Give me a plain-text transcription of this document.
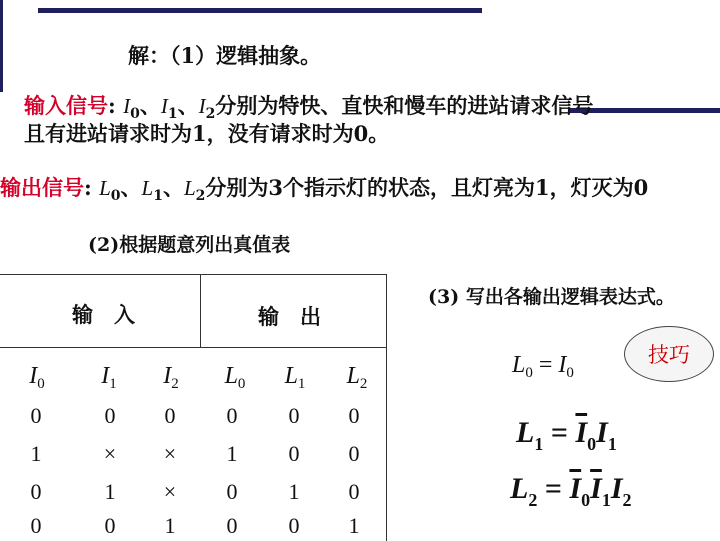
解：（1）逻辑抽象。
输入信号: $I_0$、$I_1$、$I_2$分别为特快、直快和慢车的进站请求信号
且有进站请求时为1，没有请求时为0。
输出信号: $L_0$、$L_1$、$L_2$分别为3个指示灯的状态，且灯亮为1，灯灭为0
(2)根据题意列出真值表
(3) 写出各输出逻辑表达式。
输　入	输　出
$I_0$	$I_1$	$I_2$	$L_0$	$L_1$	$L_2$
0	0	0	0	0	0
1	×	×	1	0	0
0	1	×	0	1	0
0	0	1	0	0	1
$L_0 = I_0$
技巧
$L_1 = \overline{I}_0I_1$
$L_2 = \overline{I}_0\overline{I}_1I_2$
